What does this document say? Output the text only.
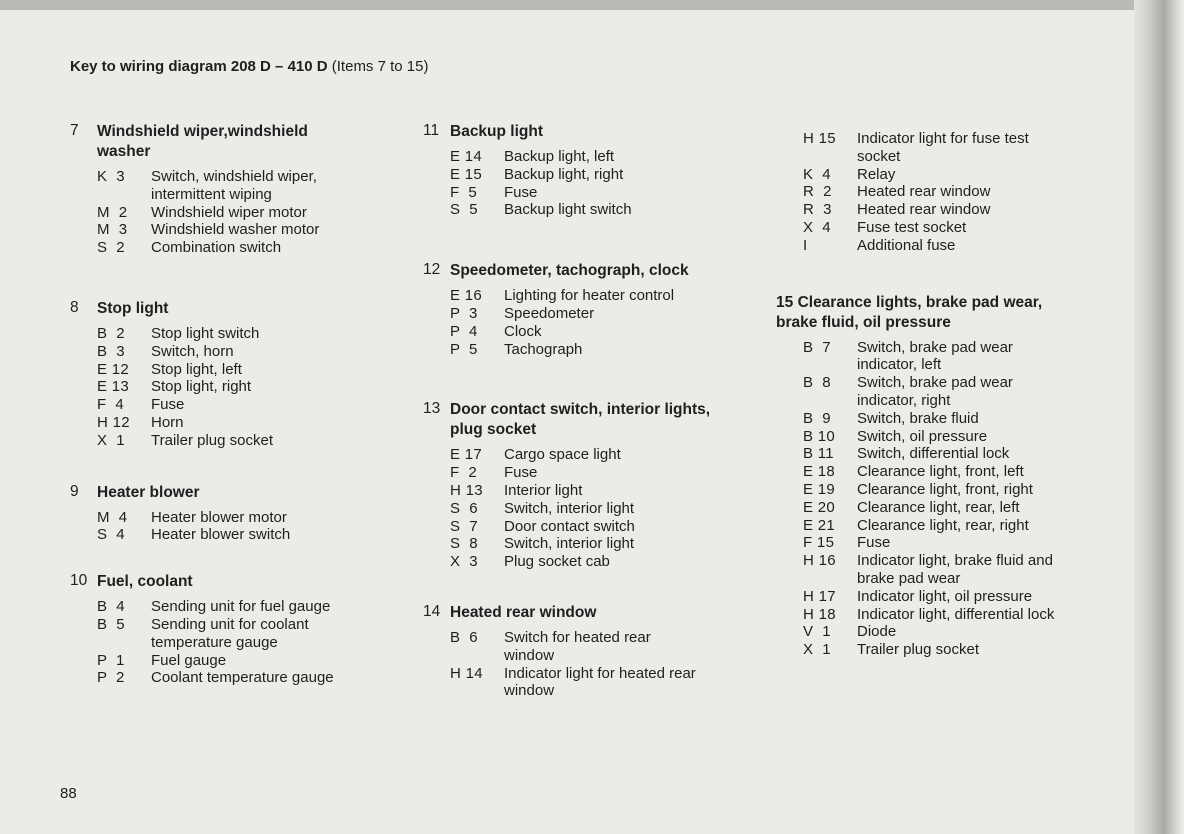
Key to wiring diagram 208 D – 410 D (Items 7 to 15)
7 Windshield wiper,windshield washer
K  3	Switch, windshield wiper, intermittent wiping
M  2	Windshield wiper motor
M  3	Windshield washer motor
S  2	Combination switch
8 Stop light
B  2	Stop light switch
B  3	Switch, horn
E 12	Stop light, left
E 13	Stop light, right
F  4	Fuse
H 12	Horn
X  1	Trailer plug socket
9 Heater blower
M  4	Heater blower motor
S  4	Heater blower switch
10 Fuel, coolant
B  4	Sending unit for fuel gauge
B  5	Sending unit for coolant temperature gauge
P  1	Fuel gauge
P  2	Coolant temperature gauge
11 Backup light
E 14	Backup light, left
E 15	Backup light, right
F  5	Fuse
S  5	Backup light switch
12 Speedometer, tachograph, clock
E 16	Lighting for heater control
P  3	Speedometer
P  4	Clock
P  5	Tachograph
13 Door contact switch, interior lights, plug socket
E 17	Cargo space light
F  2	Fuse
H 13	Interior light
S  6	Switch, interior light
S  7	Door contact switch
S  8	Switch, interior light
X  3	Plug socket cab
14 Heated rear window
B  6	Switch for heated rear window
H 14	Indicator light for heated rear window
H 15	Indicator light for fuse test socket
K  4	Relay
R  2	Heated rear window
R  3	Heated rear window
X  4	Fuse test socket
I	Additional fuse
15 Clearance lights, brake pad wear, brake fluid, oil pressure
B  7	Switch, brake pad wear indicator, left
B  8	Switch, brake pad wear indicator, right
B  9	Switch, brake fluid
B 10	Switch, oil pressure
B 11	Switch, differential lock
E 18	Clearance light, front, left
E 19	Clearance light, front, right
E 20	Clearance light, rear, left
E 21	Clearance light, rear, right
F 15	Fuse
H 16	Indicator light, brake fluid and brake pad wear
H 17	Indicator light, oil pressure
H 18	Indicator light, differential lock
V  1	Diode
X  1	Trailer plug socket
88
